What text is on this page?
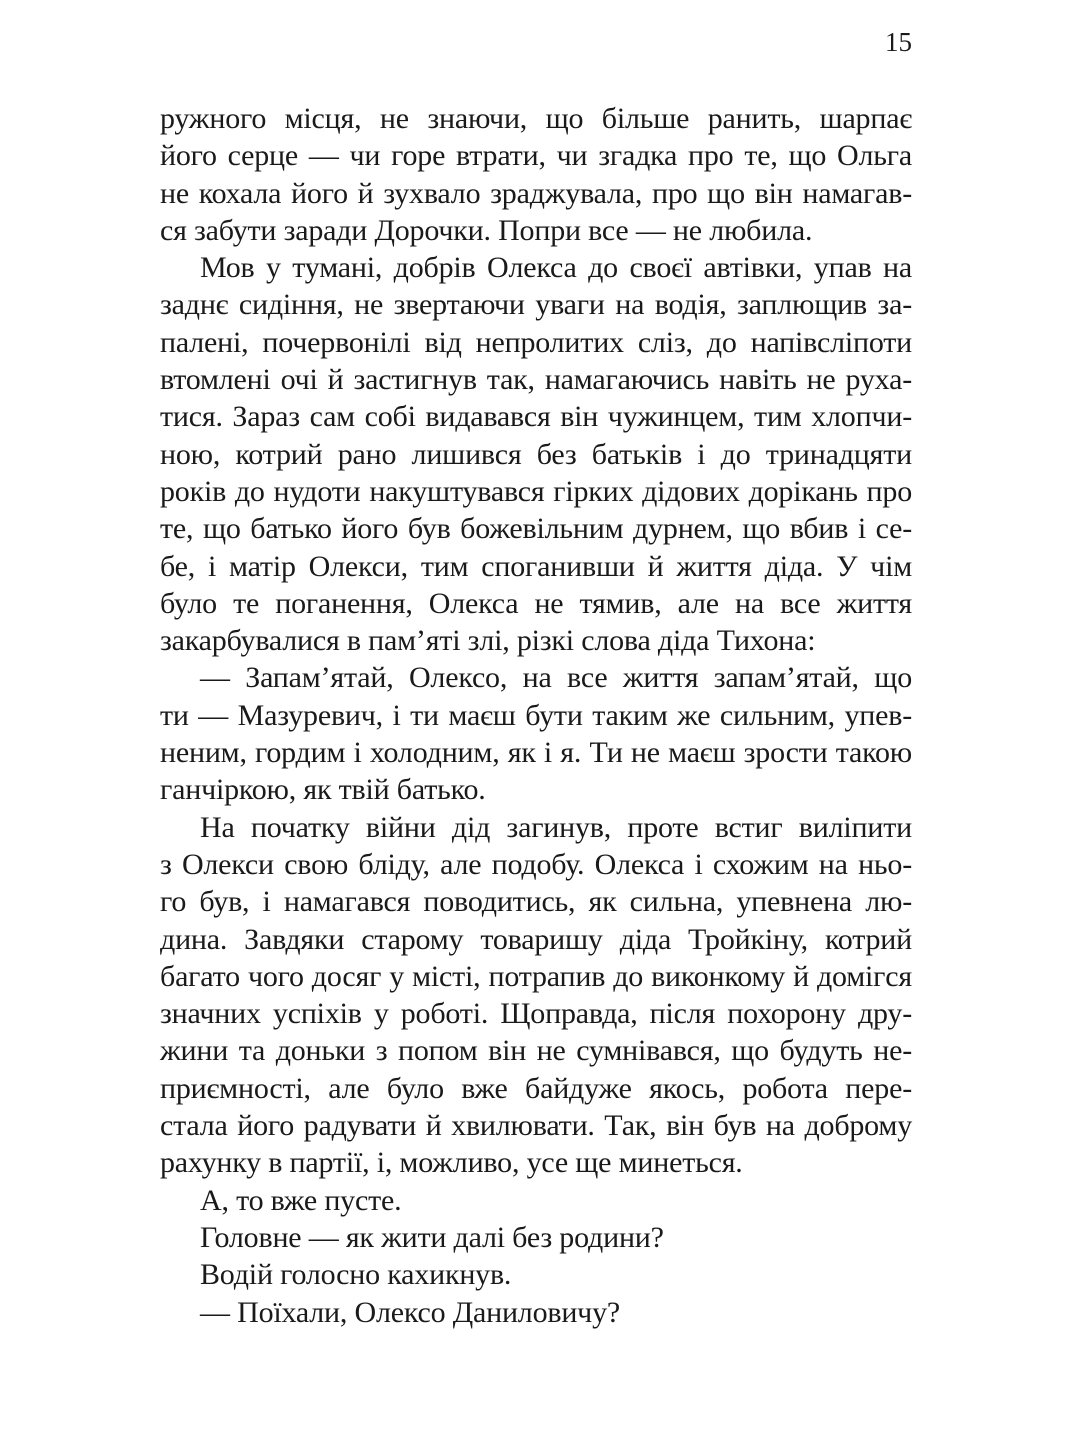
15

ружного місця, не знаючи, що більше ранить, шарпає
його серце — чи горе втрати, чи згадка про те, що Ольга
не кохала його й зухвало зраджувала, про що він намагав-
ся забути заради Дорочки. Попри все — не любила.
Мов у тумані, добрів Олекса до своєї автівки, упав на
заднє сидіння, не звертаючи уваги на водія, заплющив за-
палені, почервонілі від непролитих сліз, до напівсліпоти
втомлені очі й застигнув так, намагаючись навіть не руха-
тися. Зараз сам собі видавався він чужинцем, тим хлопчи-
ною, котрий рано лишився без батьків і до тринадцяти
років до нудоти накуштувався гірких дідових дорікань про
те, що батько його був божевільним дурнем, що вбив і се-
бе, і матір Олекси, тим споганивши й життя діда. У чім
було те поганення, Олекса не тямив, але на все життя
закарбувалися в пам’яті злі, різкі слова діда Тихона:
— Запам’ятай, Олексо, на все життя запам’ятай, що
ти — Мазуревич, і ти маєш бути таким же сильним, упев-
неним, гордим і холодним, як і я. Ти не маєш зрости такою
ганчіркою, як твій батько.
На початку війни дід загинув, проте встиг виліпити
з Олекси свою бліду, але подобу. Олекса і схожим на ньо-
го був, і намагався поводитись, як сильна, упевнена лю-
дина. Завдяки старому товаришу діда Тройкіну, котрий
багато чого досяг у місті, потрапив до виконкому й домігся
значних успіхів у роботі. Щоправда, після похорону дру-
жини та доньки з попом він не сумнівався, що будуть не-
приємності, але було вже байдуже якось, робота пере-
стала його радувати й хвилювати. Так, він був на доброму
рахунку в партії, і, можливо, усе ще минеться.
А, то вже пусте.
Головне — як жити далі без родини?
Водій голосно кахикнув.
— Поїхали, Олексо Даниловичу?
